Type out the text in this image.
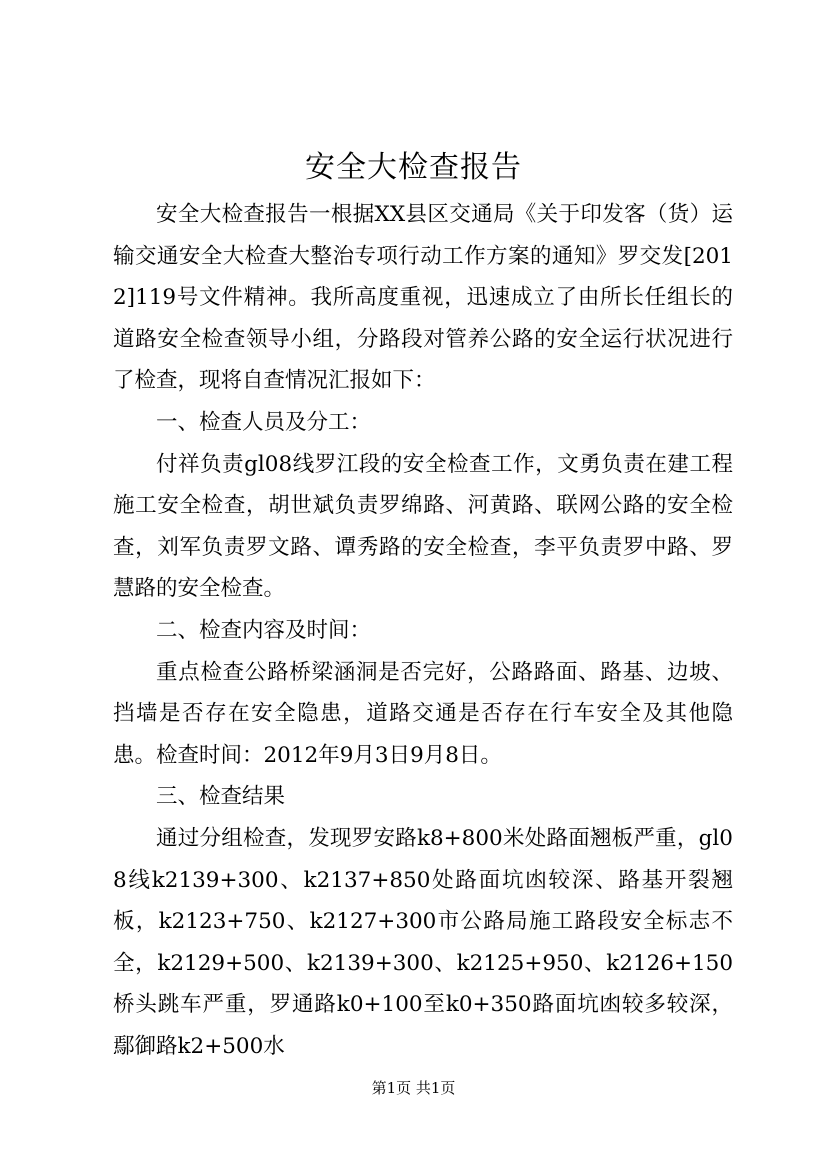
安全大检查报告

安全大检查报告一根据XX县区交通局《关于印发客（货）运输交通安全大检查大整治专项行动工作方案的通知》罗交发[2012]119号文件精神。我所高度重视，迅速成立了由所长任组长的道路安全检查领导小组，分路段对管养公路的安全运行状况进行了检查，现将自查情况汇报如下：

一、检查人员及分工：

付祥负责gl08线罗江段的安全检查工作，文勇负责在建工程施工安全检查，胡世斌负责罗绵路、河黄路、联网公路的安全检查，刘军负责罗文路、谭秀路的安全检查，李平负责罗中路、罗慧路的安全检查。

二、检查内容及时间：

重点检查公路桥梁涵洞是否完好，公路路面、路基、边坡、挡墙是否存在安全隐患，道路交通是否存在行车安全及其他隐患。检查时间：2012年9月3日9月8日。

三、检查结果

通过分组检查，发现罗安路k8+800米处路面翘板严重，gl08线k2139+300、k2137+850处路面坑凼较深、路基开裂翘板，k2123+750、k2127+300市公路局施工路段安全标志不全，k2129+500、k2139+300、k2125+950、k2126+150桥头跳车严重，罗通路k0+100至k0+350路面坑凼较多较深，鄢御路k2+500水

第1页 共1页
